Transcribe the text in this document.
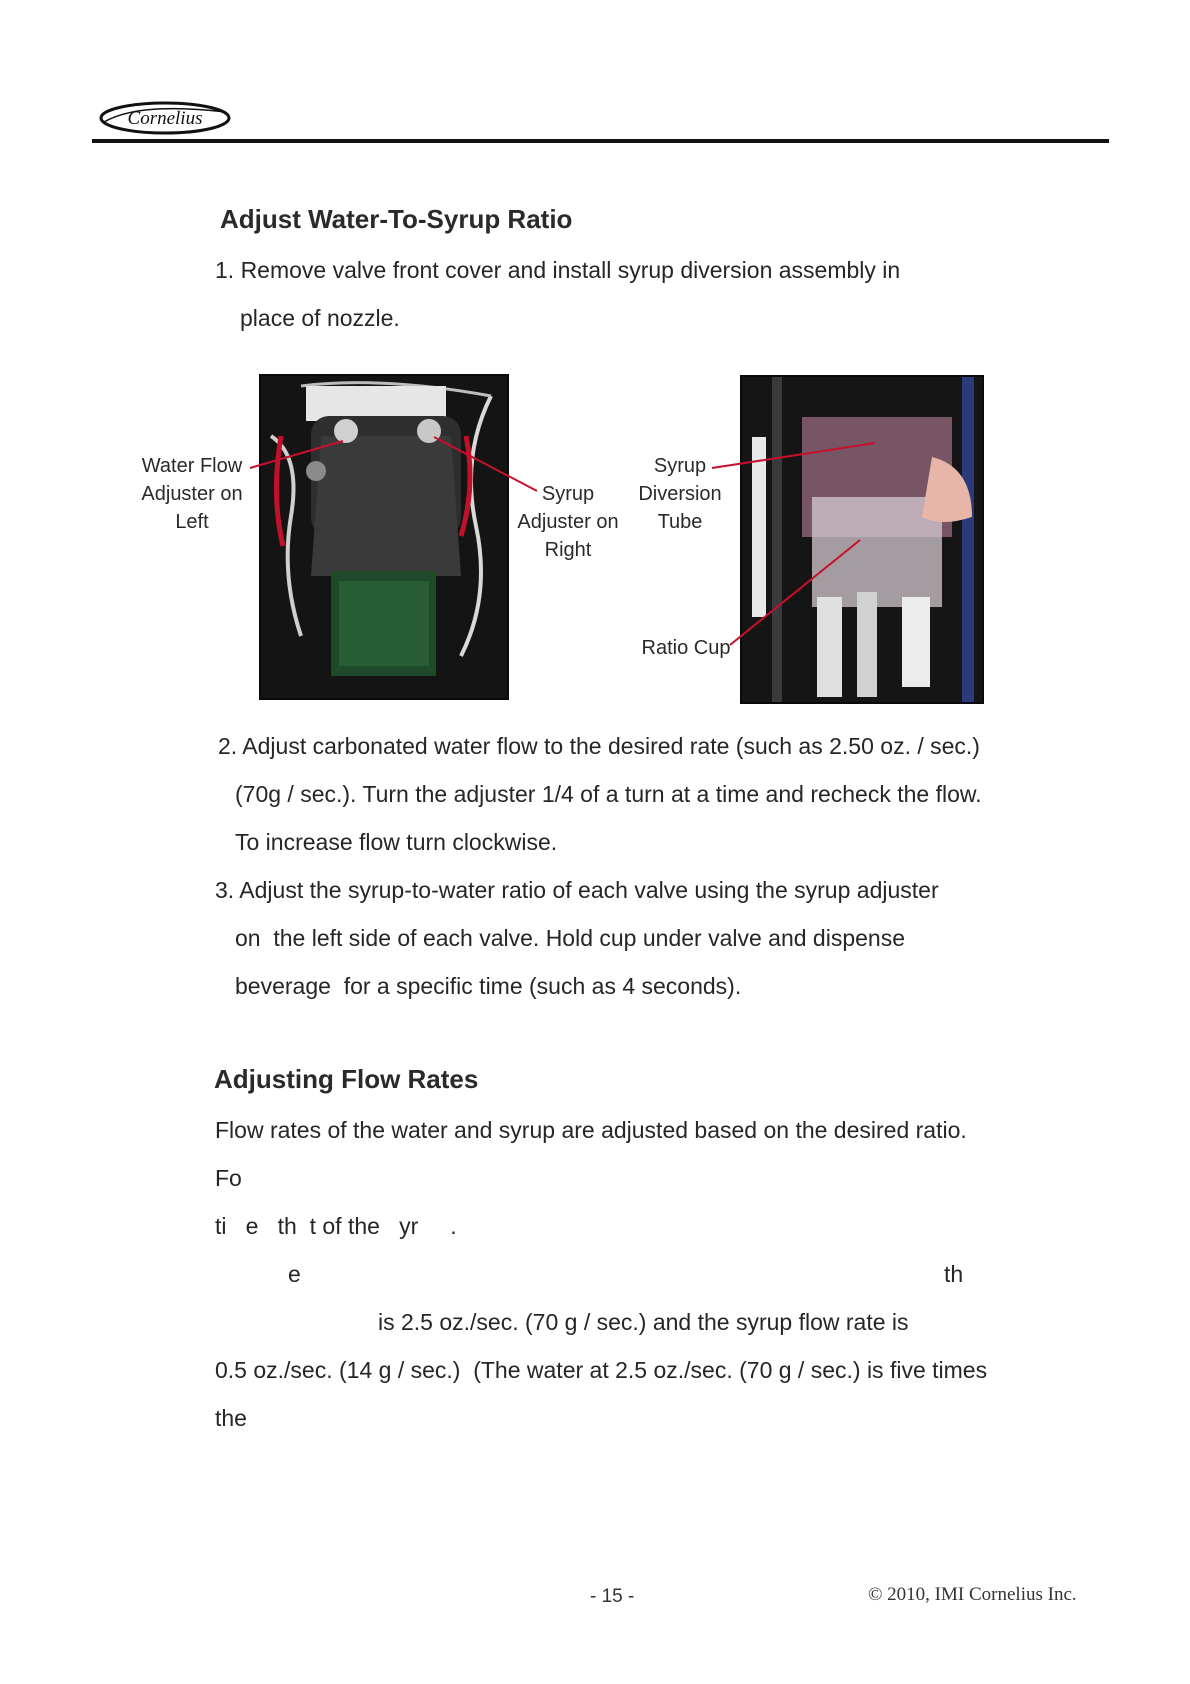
Cornelius
Adjust Water-To-Syrup Ratio
1. Remove valve front cover and install syrup diversion assembly in
place of nozzle.
Water Flow
Adjuster on
Left
Syrup
Adjuster on
Right
Syrup
Diversion
Tube
Ratio Cup
2. Adjust carbonated water flow to the desired rate (such as 2.50 oz. / sec.)
(70g / sec.). Turn the adjuster 1/4 of a turn at a time and recheck the flow.
To increase flow turn clockwise.
3. Adjust the syrup-to-water ratio of each valve using the syrup adjuster
on  the left side of each valve. Hold cup under valve and dispense
beverage  for a specific time (such as 4 seconds).
Adjusting Flow Rates
Flow rates of the water and syrup are adjusted based on the desired ratio.
Fo
ti   e   th  t of the   yr     .
e	th
is 2.5 oz./sec. (70 g / sec.) and the syrup flow rate is
0.5 oz./sec. (14 g / sec.)  (The water at 2.5 oz./sec. (70 g / sec.) is five times
the
- 15 -	© 2010, IMI Cornelius Inc.
